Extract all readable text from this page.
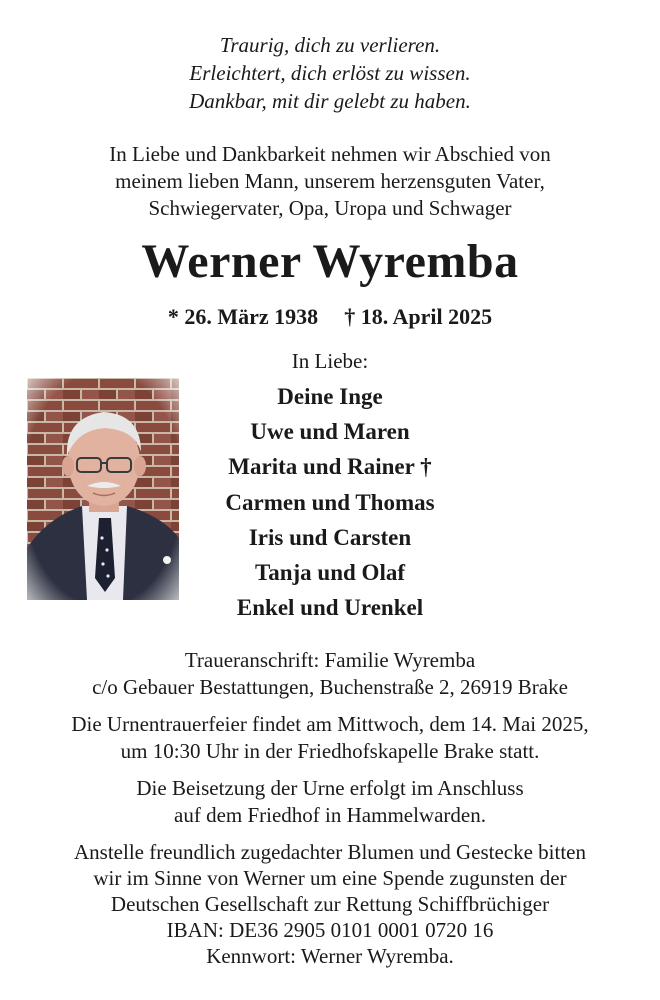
Traurig, dich zu verlieren.
Erleichtert, dich erlöst zu wissen.
Dankbar, mit dir gelebt zu haben.
In Liebe und Dankbarkeit nehmen wir Abschied von
meinem lieben Mann, unserem herzensguten Vater,
Schwiegervater, Opa, Uropa und Schwager
Werner Wyremba
* 26. März 1938 † 18. April 2025
In Liebe:
Deine Inge
Uwe und Maren
Marita und Rainer †
Carmen und Thomas
Iris und Carsten
Tanja und Olaf
Enkel und Urenkel
Traueranschrift: Familie Wyremba
c/o Gebauer Bestattungen, Buchenstraße 2, 26919 Brake
Die Urnentrauerfeier findet am Mittwoch, dem 14. Mai 2025,
um 10:30 Uhr in der Friedhofskapelle Brake statt.
Die Beisetzung der Urne erfolgt im Anschluss
auf dem Friedhof in Hammelwarden.
Anstelle freundlich zugedachter Blumen und Gestecke bitten
wir im Sinne von Werner um eine Spende zugunsten der
Deutschen Gesellschaft zur Rettung Schiffbrüchiger
IBAN: DE36 2905 0101 0001 0720 16
Kennwort: Werner Wyremba.
